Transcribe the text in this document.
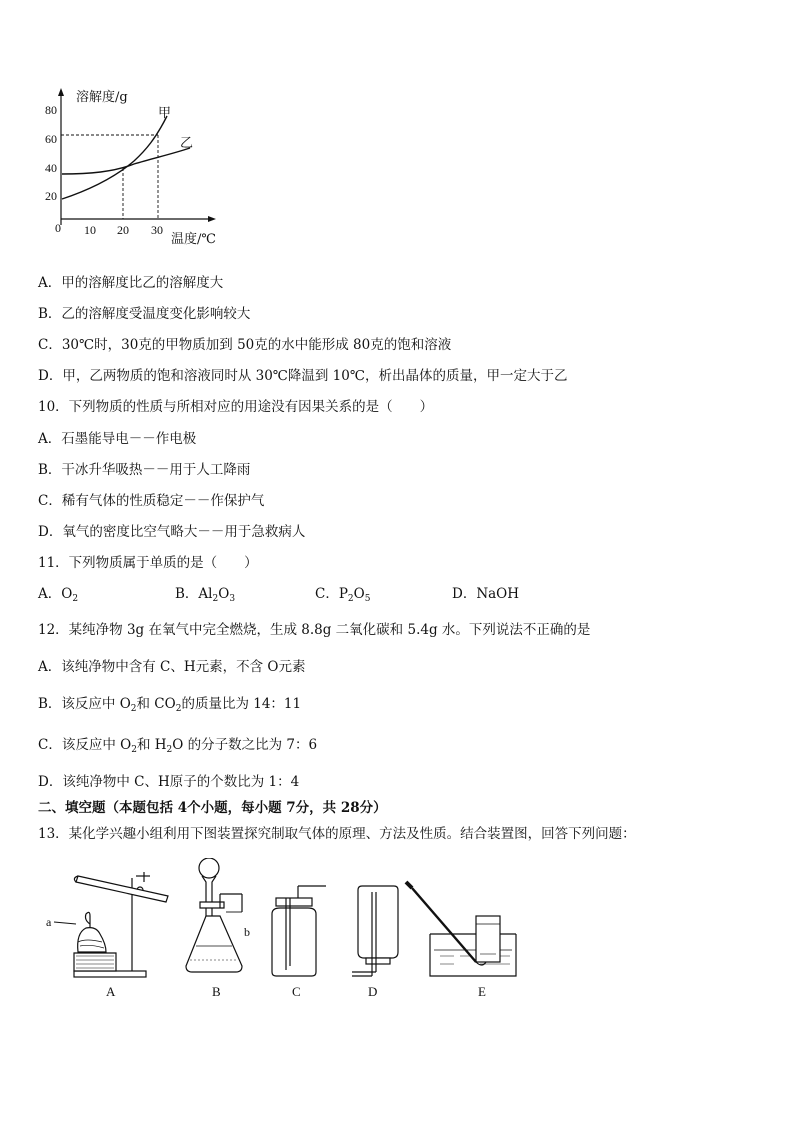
溶解度/g
80
60
40
20
0 10 20 30
温度/℃
甲
乙
A．甲的溶解度比乙的溶解度大
B．乙的溶解度受温度变化影响较大
C．30℃时，30克的甲物质加到 50克的水中能形成 80克的饱和溶液
D．甲，乙两物质的饱和溶液同时从 30℃降温到 10℃，析出晶体的质量，甲一定大于乙
10．下列物质的性质与所相对应的用途没有因果关系的是（　　）
A．石墨能导电－－作电极
B．干冰升华吸热－－用于人工降雨
C．稀有气体的性质稳定－－作保护气
D．氧气的密度比空气略大－－用于急救病人
11．下列物质属于单质的是（　　）
A．$O_2$	B．$Al_2O_3$	C．$P_2O_5$	D．NaOH
12．某纯净物 3g 在氧气中完全燃烧，生成 8.8g 二氧化碳和 5.4g 水。下列说法不正确的是
A．该纯净物中含有 C、H元素，不含 O元素
B．该反应中 $O_2$和 $CO_2$的质量比为 14：11
C．该反应中 $O_2$和 $H_2O$ 的分子数之比为 7：6
D．该纯净物中 C、H原子的个数比为 1：4
二、填空题（本题包括 4个小题，每小题 7分，共 28分）
13．某化学兴趣小组利用下图装置探究制取气体的原理、方法及性质。结合装置图，回答下列问题：
a
b
A	B	C	D	E
